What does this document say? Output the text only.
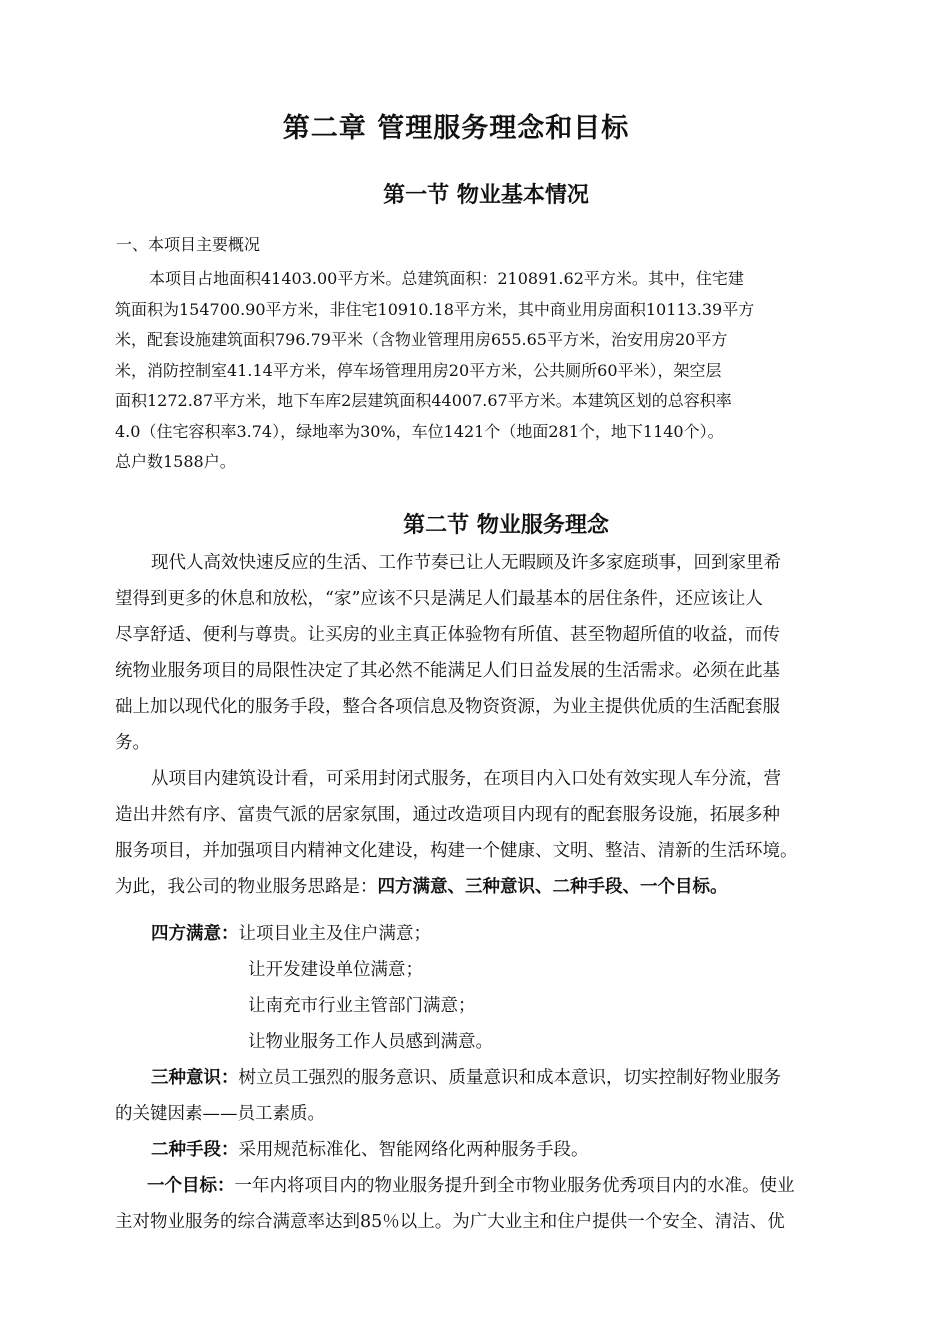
第二章 管理服务理念和目标
第一节 物业基本情况

一、本项目主要概况

本项目占地面积41403.00平方米。总建筑面积：210891.62平方米。其中，住宅建
筑面积为154700.90平方米，非住宅10910.18平方米，其中商业用房面积10113.39平方
米，配套设施建筑面积796.79平米（含物业管理用房655.65平方米，治安用房20平方
米，消防控制室41.14平方米，停车场管理用房20平方米，公共厕所60平米），架空层
面积1272.87平方米，地下车库2层建筑面积44007.67平方米。本建筑区划的总容积率
4.0（住宅容积率3.74），绿地率为30%，车位1421个（地面281个，地下1140个）。
总户数1588户。
第二节 物业服务理念
现代人高效快速反应的生活、工作节奏已让人无暇顾及许多家庭琐事，回到家里希
望得到更多的休息和放松，“家”应该不只是满足人们最基本的居住条件，还应该让人
尽享舒适、便利与尊贵。让买房的业主真正体验物有所值、甚至物超所值的收益，而传
统物业服务项目的局限性决定了其必然不能满足人们日益发展的生活需求。必须在此基
础上加以现代化的服务手段，整合各项信息及物资资源，为业主提供优质的生活配套服
务。
从项目内建筑设计看，可采用封闭式服务，在项目内入口处有效实现人车分流，营
造出井然有序、富贵气派的居家氛围，通过改造项目内现有的配套服务设施，拓展多种
服务项目，并加强项目内精神文化建设，构建一个健康、文明、整洁、清新的生活环境。
为此，我公司的物业服务思路是：四方满意、三种意识、二种手段、一个目标。
四方满意：让项目业主及住户满意；
让开发建设单位满意；
让南充市行业主管部门满意；
让物业服务工作人员感到满意。
三种意识：树立员工强烈的服务意识、质量意识和成本意识，切实控制好物业服务
的关键因素——员工素质。
二种手段：采用规范标准化、智能网络化两种服务手段。
一个目标：一年内将项目内的物业服务提升到全市物业服务优秀项目内的水准。使业
主对物业服务的综合满意率达到85％以上。为广大业主和住户提供一个安全、清洁、优
